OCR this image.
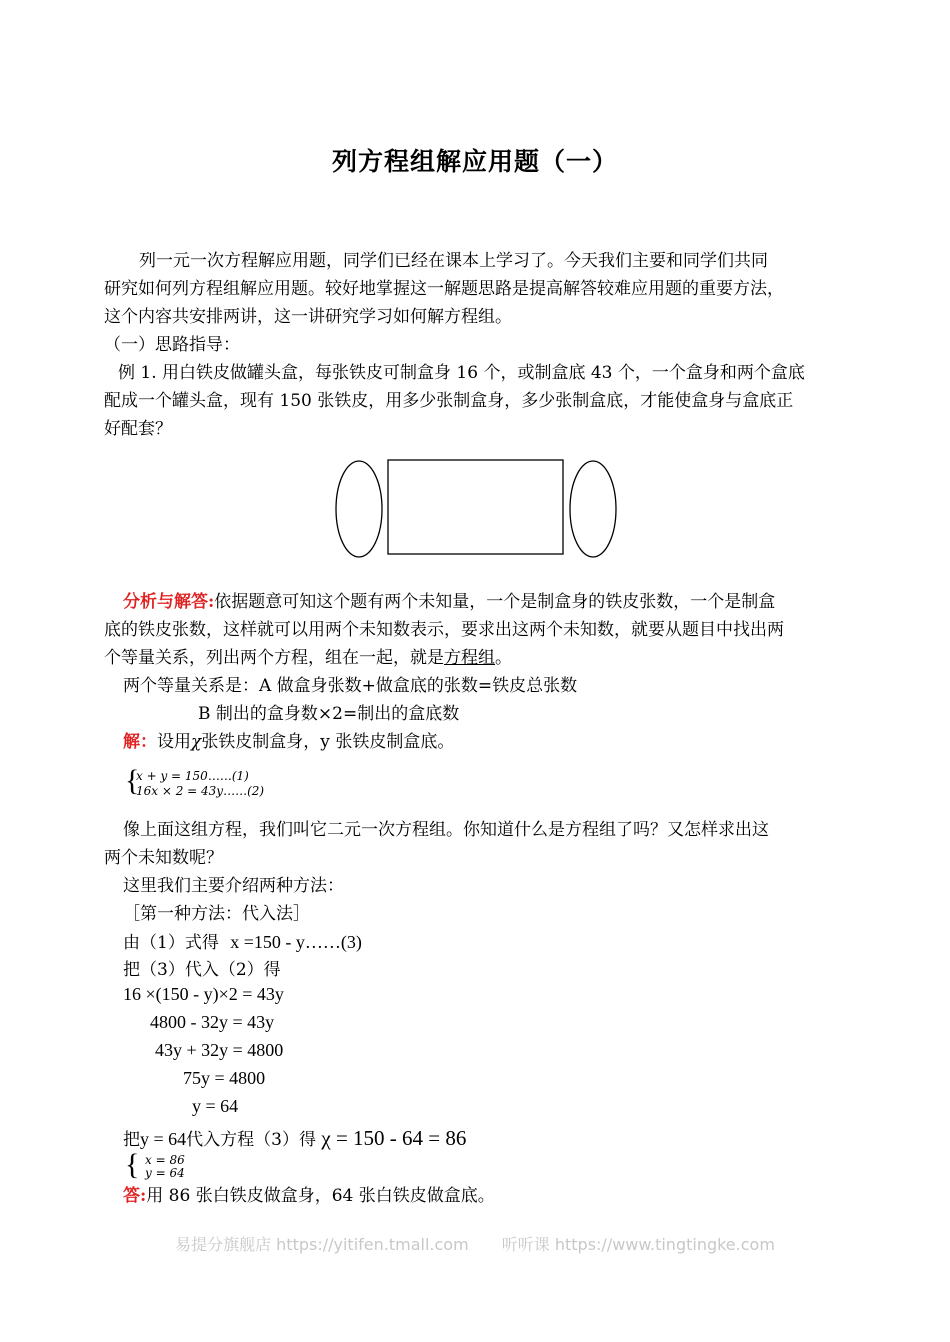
列方程组解应用题（一）
列一元一次方程解应用题，同学们已经在课本上学习了。今天我们主要和同学们共同
研究如何列方程组解应用题。较好地掌握这一解题思路是提高解答较难应用题的重要方法，
这个内容共安排两讲，这一讲研究学习如何解方程组。
（一）思路指导：
例 1. 用白铁皮做罐头盒，每张铁皮可制盒身 16 个，或制盒底 43 个，一个盒身和两个盒底
配成一个罐头盒，现有 150 张铁皮，用多少张制盒身，多少张制盒底，才能使盒身与盒底正
好配套？
分析与解答:依据题意可知这个题有两个未知量，一个是制盒身的铁皮张数，一个是制盒
底的铁皮张数，这样就可以用两个未知数表示，要求出这两个未知数，就要从题目中找出两
个等量关系，列出两个方程，组在一起，就是方程组。
两个等量关系是：A 做盒身张数+做盒底的张数=铁皮总张数
B 制出的盒身数×2=制出的盒底数
解：设用χ张铁皮制盒身，y 张铁皮制盒底。
{
x + y = 150……(1)
16x × 2 = 43y……(2)
像上面这组方程，我们叫它二元一次方程组。你知道什么是方程组了吗？又怎样求出这
两个未知数呢？
这里我们主要介绍两种方法：
［第一种方法：代入法］
由（1）式得 x =150 - y……(3)
把（3）代入（2）得
16 ×(150 - y)×2 = 43y
4800 - 32y = 43y
43y + 32y = 4800
75y = 4800
y = 64
把y = 64代入方程（3）得 χ = 150 - 64 = 86
{ x = 86
y = 64
答:用 86 张白铁皮做盒身，64 张白铁皮做盒底。
易提分旗舰店 https://yitifen.tmall.com 听听课 https://www.tingtingke.com
